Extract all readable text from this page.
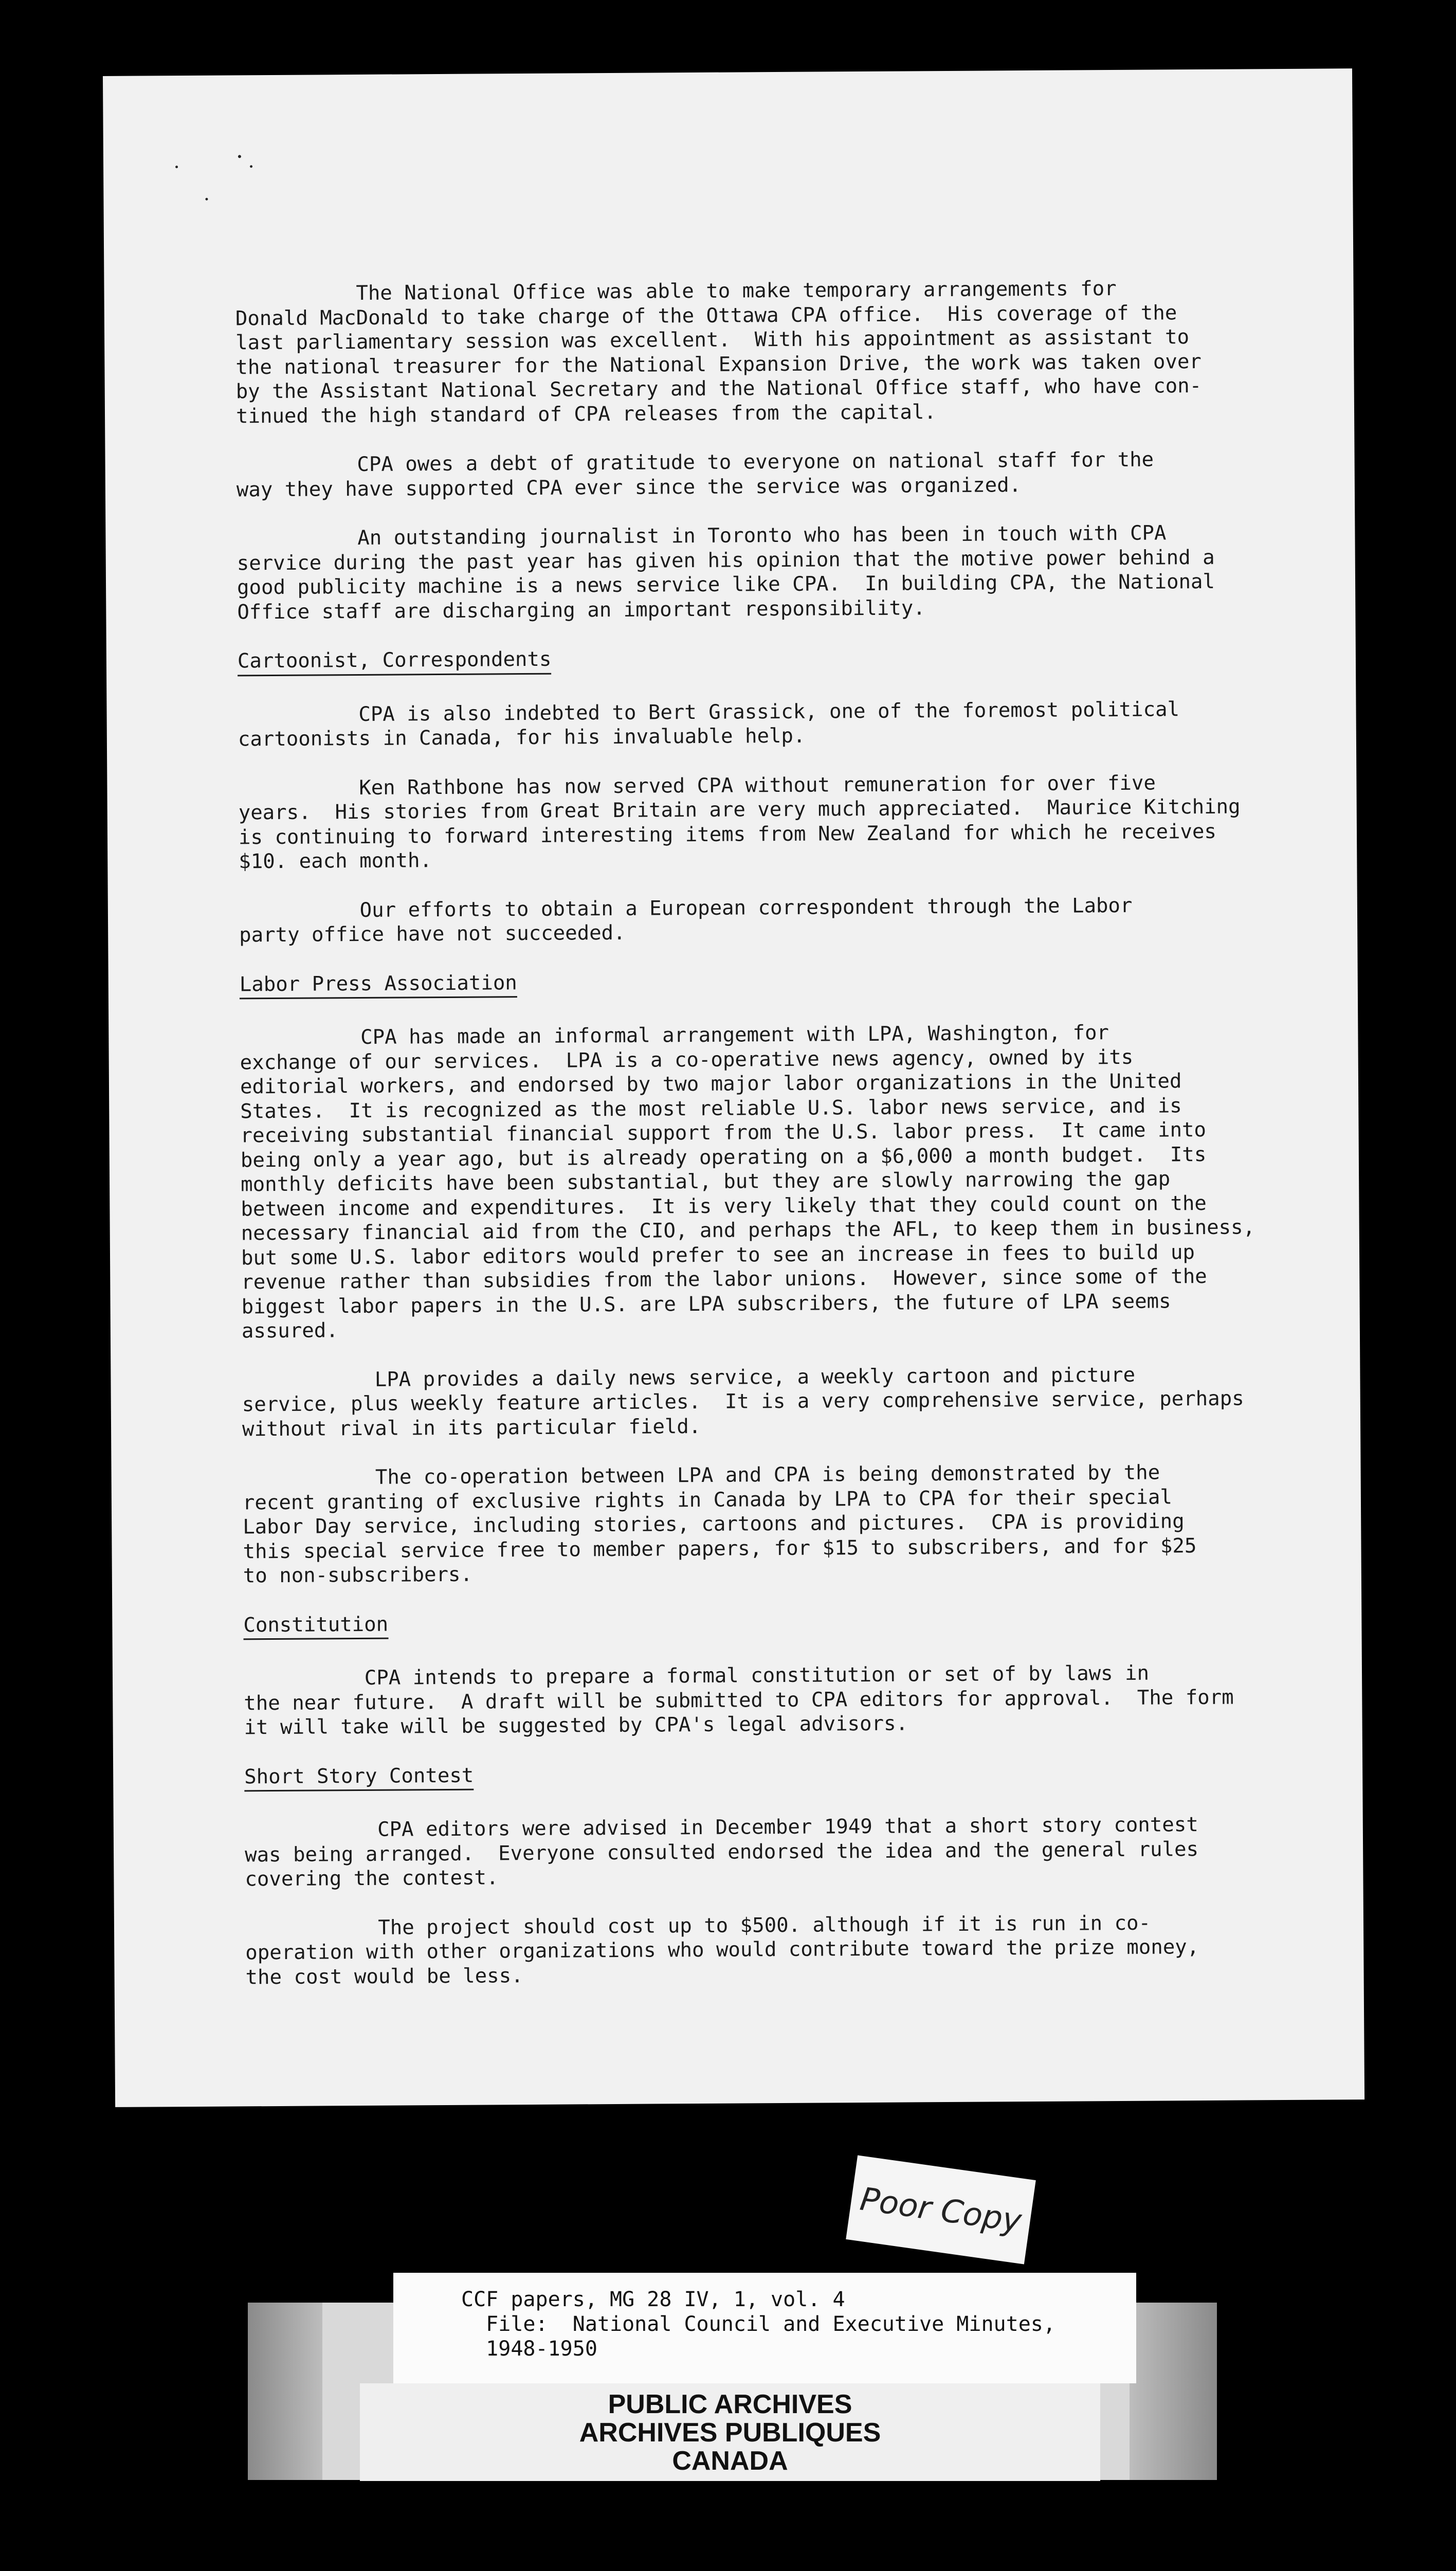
The National Office was able to make temporary arrangements for
Donald MacDonald to take charge of the Ottawa CPA office.  His coverage of the
last parliamentary session was excellent.  With his appointment as assistant to
the national treasurer for the National Expansion Drive, the work was taken over
by the Assistant National Secretary and the National Office staff, who have con-
tinued the high standard of CPA releases from the capital.

CPA owes a debt of gratitude to everyone on national staff for the
way they have supported CPA ever since the service was organized.

An outstanding journalist in Toronto who has been in touch with CPA
service during the past year has given his opinion that the motive power behind a
good publicity machine is a news service like CPA.  In building CPA, the National
Office staff are discharging an important responsibility.

Cartoonist, Correspondents

CPA is also indebted to Bert Grassick, one of the foremost political
cartoonists in Canada, for his invaluable help.

Ken Rathbone has now served CPA without remuneration for over five
years.  His stories from Great Britain are very much appreciated.  Maurice Kitching
is continuing to forward interesting items from New Zealand for which he receives
$10. each month.

Our efforts to obtain a European correspondent through the Labor
party office have not succeeded.

Labor Press Association

CPA has made an informal arrangement with LPA, Washington, for
exchange of our services.  LPA is a co-operative news agency, owned by its
editorial workers, and endorsed by two major labor organizations in the United
States.  It is recognized as the most reliable U.S. labor news service, and is
receiving substantial financial support from the U.S. labor press.  It came into
being only a year ago, but is already operating on a $6,000 a month budget.  Its
monthly deficits have been substantial, but they are slowly narrowing the gap
between income and expenditures.  It is very likely that they could count on the
necessary financial aid from the CIO, and perhaps the AFL, to keep them in business,
but some U.S. labor editors would prefer to see an increase in fees to build up
revenue rather than subsidies from the labor unions.  However, since some of the
biggest labor papers in the U.S. are LPA subscribers, the future of LPA seems
assured.

LPA provides a daily news service, a weekly cartoon and picture
service, plus weekly feature articles.  It is a very comprehensive service, perhaps
without rival in its particular field.

The co-operation between LPA and CPA is being demonstrated by the
recent granting of exclusive rights in Canada by LPA to CPA for their special
Labor Day service, including stories, cartoons and pictures.  CPA is providing
this special service free to member papers, for $15 to subscribers, and for $25
to non-subscribers.

Constitution

CPA intends to prepare a formal constitution or set of by laws in
the near future.  A draft will be submitted to CPA editors for approval.  The form
it will take will be suggested by CPA's legal advisors.

Short Story Contest

CPA editors were advised in December 1949 that a short story contest
was being arranged.  Everyone consulted endorsed the idea and the general rules
covering the contest.

The project should cost up to $500. although if it is run in co-
operation with other organizations who would contribute toward the prize money,
the cost would be less.

Poor Copy
CCF papers, MG 28 IV, 1, vol. 4
File:  National Council and Executive Minutes,
1948-1950
PUBLIC ARCHIVES
ARCHIVES PUBLIQUES
CANADA
